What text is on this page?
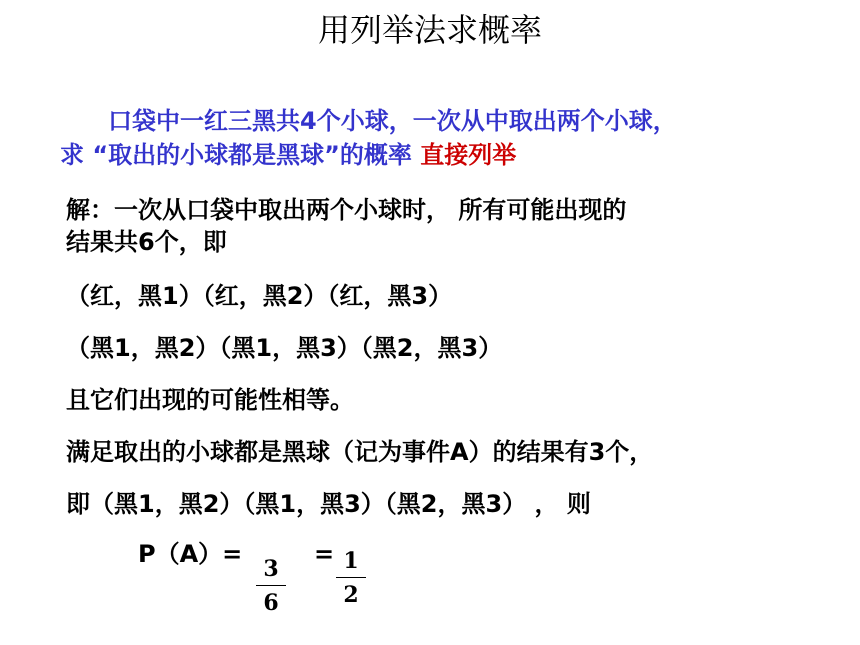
用列举法求概率
口袋中一红三黑共4个小球，一次从中取出两个小球，
求 “取出的小球都是黑球”的概率 直接列举
解：一次从口袋中取出两个小球时， 所有可能出现的
结果共6个，即
（红，黑1）（红，黑2）（红，黑3）
（黑1，黑2）（黑1，黑3）（黑2，黑3）
且它们出现的可能性相等。
满足取出的小球都是黑球（记为事件A）的结果有3个，
即（黑1，黑2）（黑1，黑3）（黑2，黑3） ， 则
P（A）=
3
6
= 1
2
